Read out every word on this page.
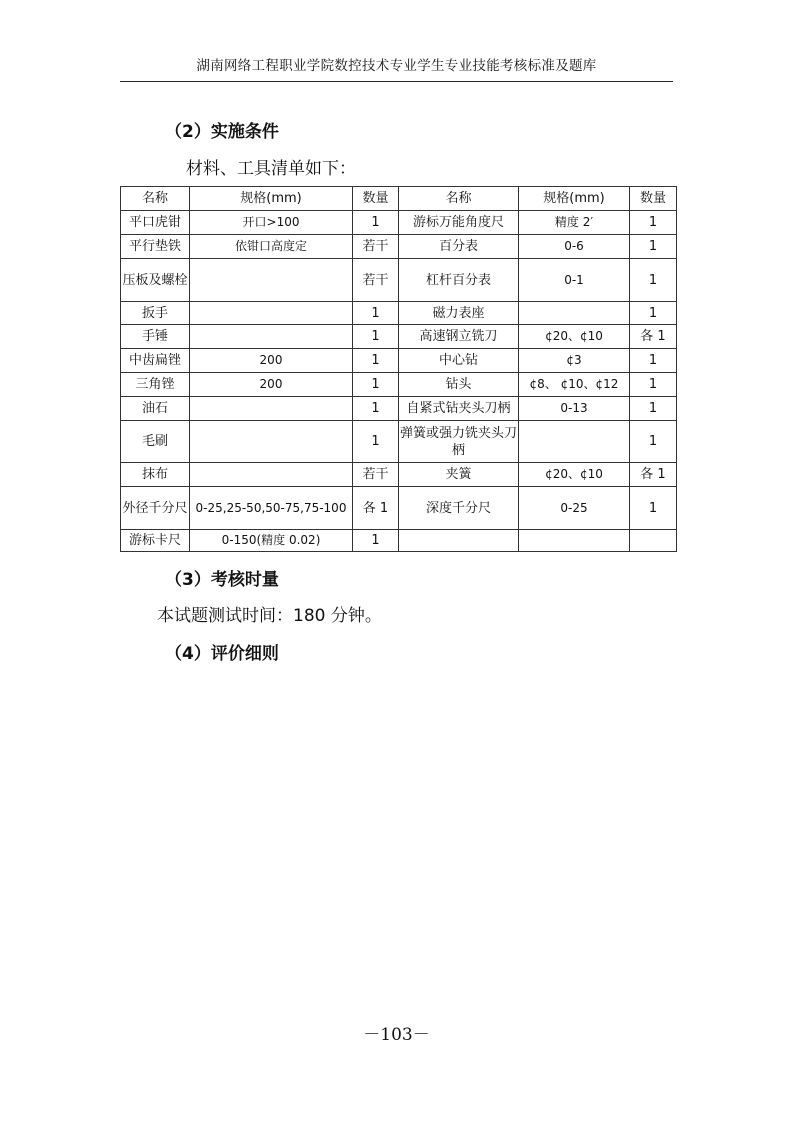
湖南网络工程职业学院数控技术专业学生专业技能考核标准及题库
（2）实施条件
材料、工具清单如下：
名称	规格(mm)	数量	名称	规格(mm)	数量
平口虎钳	开口>100	1	游标万能角度尺	精度 2′	1
平行垫铁	依钳口高度定	若干	百分表	0-6	1
压板及螺栓		若干	杠杆百分表	0-1	1
扳手		1	磁力表座		1
手锤		1	高速钢立铣刀	¢20、¢10	各 1
中齿扁锉	200	1	中心钻	¢3	1
三角锉	200	1	钻头	¢8、 ¢10、¢12	1
油石		1	自紧式钻夹头刀柄	0-13	1
毛刷		1	弹簧或强力铣夹头刀柄		1
抹布		若干	夹簧	¢20、¢10	各 1
外径千分尺	0-25,25-50,50-75,75-100	各 1	深度千分尺	0-25	1
游标卡尺	0-150(精度 0.02)	1			
（3）考核时量
本试题测试时间：180 分钟。
（4）评价细则
－103－
